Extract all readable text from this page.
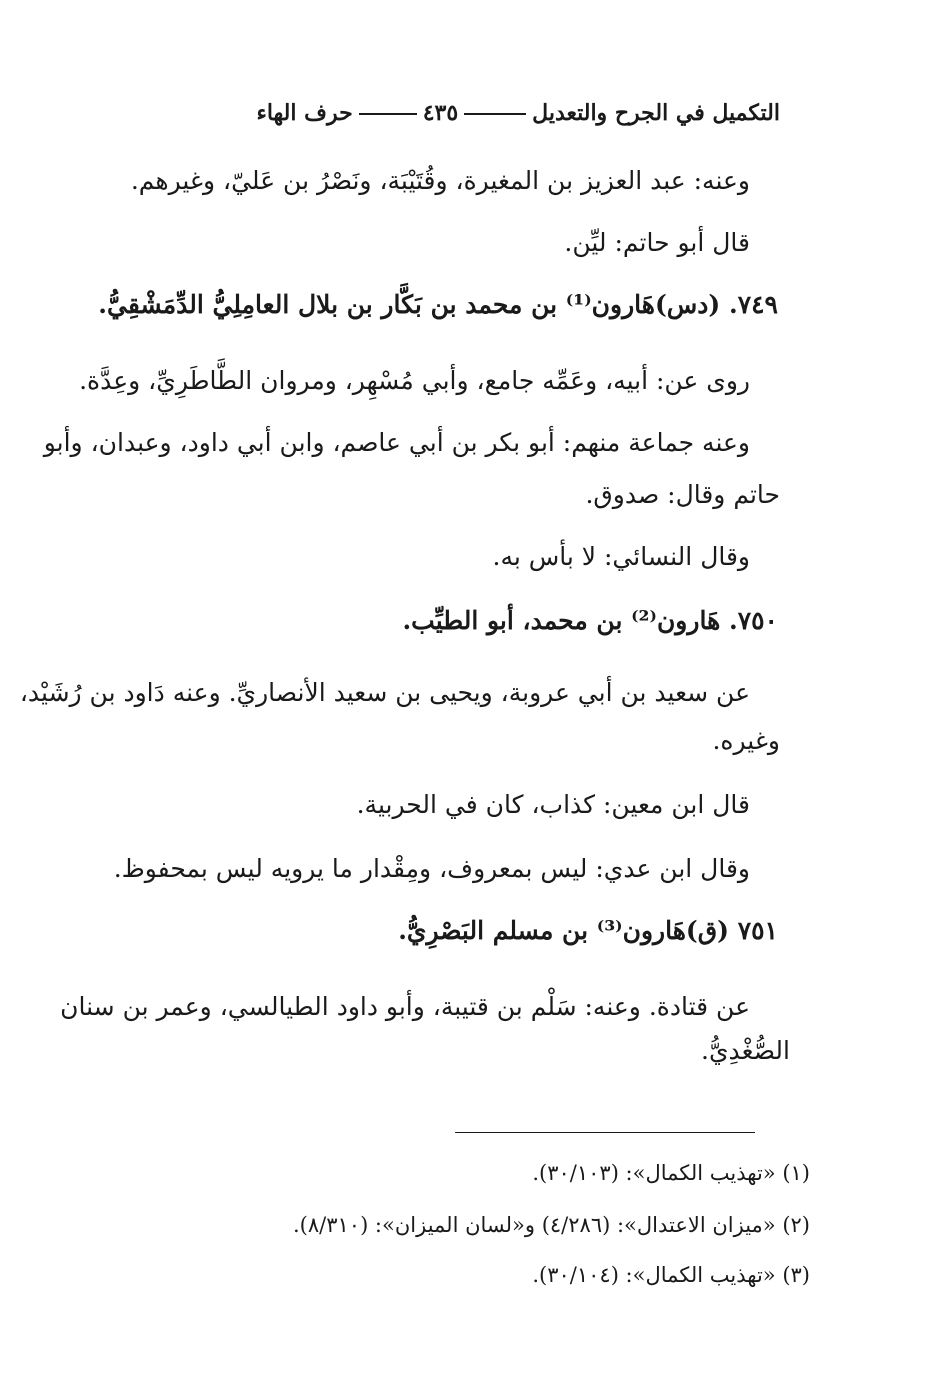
التكميل في الجرح والتعديل٤٣٥حرف الهاء
وعنه: عبد العزيز بن المغيرة، وقُتَيْبَة، ونَصْرُ بن عَليّ، وغيرهم.
قال أبو حاتم: ليِّن.
٧٤٩. (دس)هَارون⁽¹⁾ بن محمد بن بَكَّار بن بلال العامِلِيُّ الدِّمَشْقِيُّ.
روى عن: أبيه، وعَمِّه جامع، وأبي مُسْهِر، ومروان الطَّاطَرِيِّ، وعِدَّة.
وعنه جماعة منهم: أبو بكر بن أبي عاصم، وابن أبي داود، وعبدان، وأبو
حاتم وقال: صدوق.
وقال النسائي: لا بأس به.
٧٥٠. هَارون⁽²⁾ بن محمد، أبو الطيِّب.
عن سعيد بن أبي عروبة، ويحيى بن سعيد الأنصاريِّ. وعنه دَاود بن رُشَيْد،
وغيره.
قال ابن معين: كذاب، كان في الحربية.
وقال ابن عدي: ليس بمعروف، ومِقْدار ما يرويه ليس بمحفوظ.
٧٥١ (ق)هَارون⁽³⁾ بن مسلم البَصْرِيُّ.
عن قتادة. وعنه: سَلْم بن قتيبة، وأبو داود الطيالسي، وعمر بن سنان
الصُّغْدِيُّ.
(١) «تهذيب الكمال»: (٣٠/١٠٣).
(٢) «ميزان الاعتدال»: (٤/٢٨٦) و«لسان الميزان»: (٨/٣١٠).
(٣) «تهذيب الكمال»: (٣٠/١٠٤).
